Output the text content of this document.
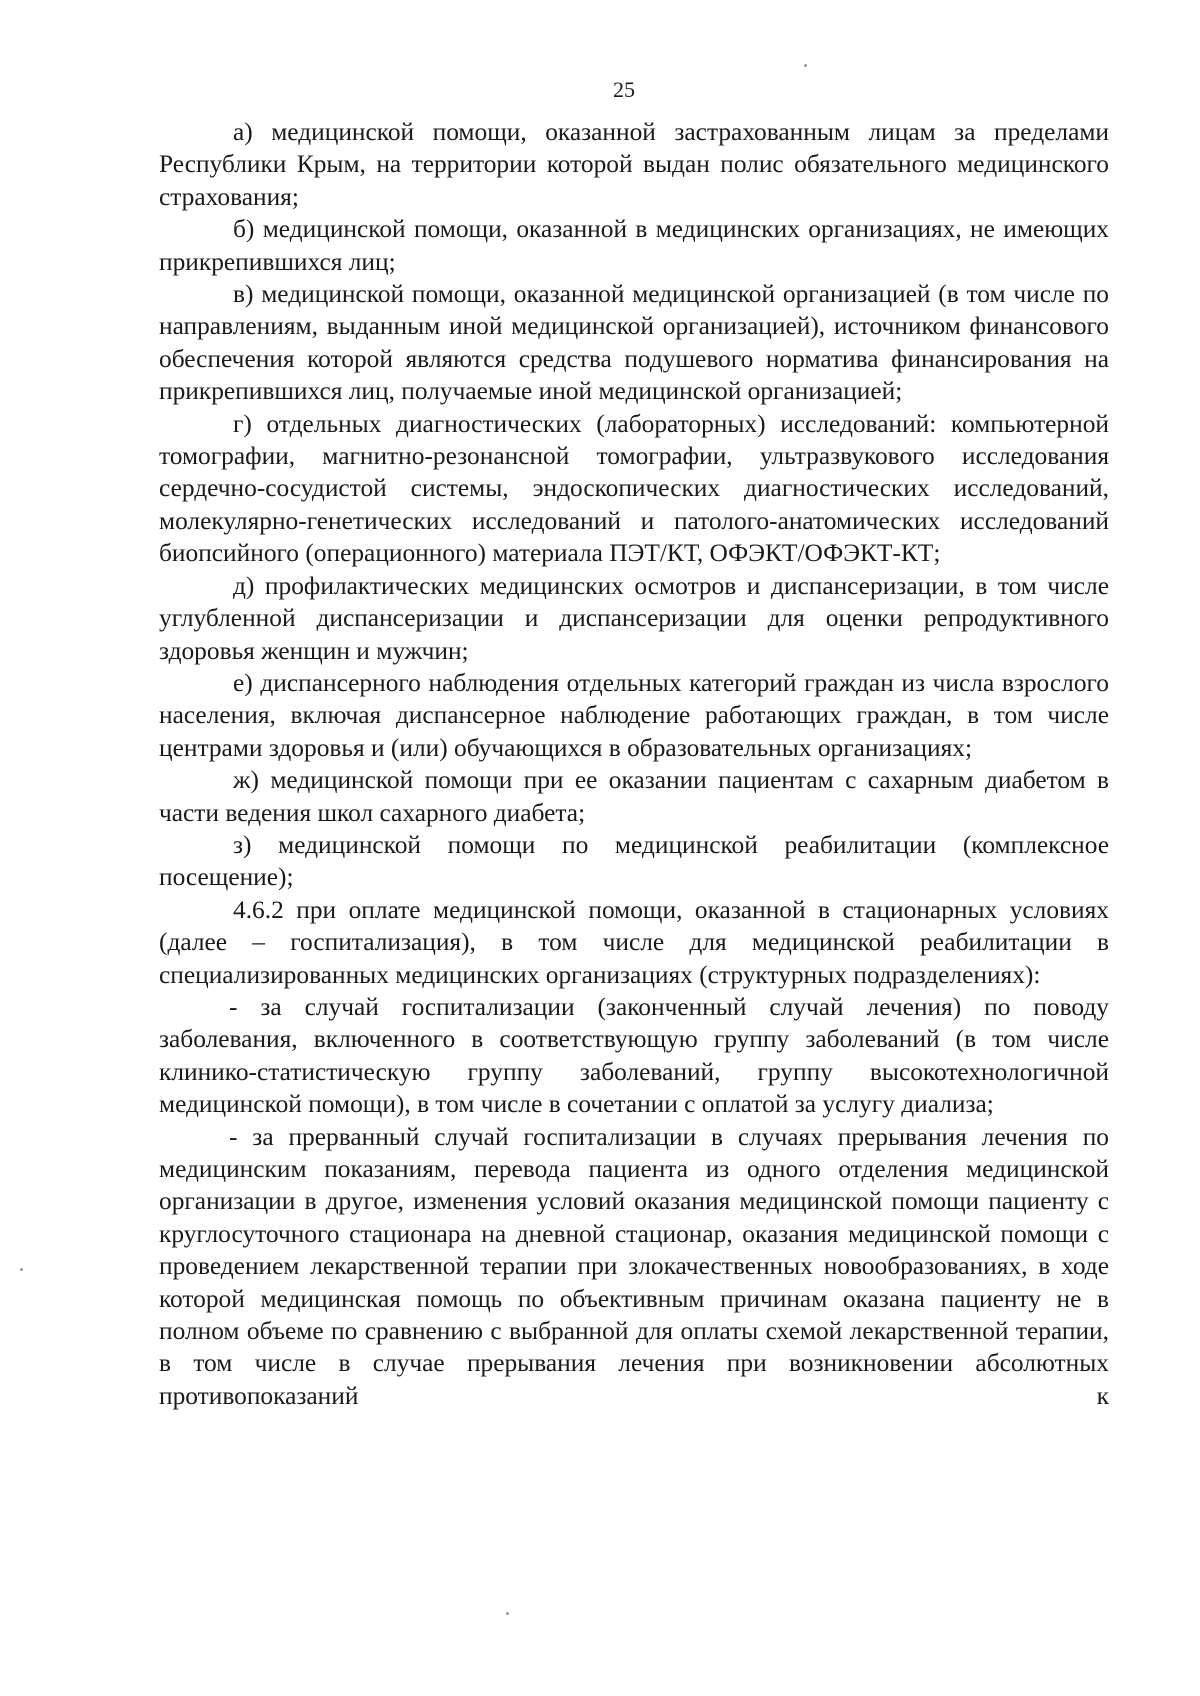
25

а) медицинской помощи, оказанной застрахованным лицам за пределами Республики Крым, на территории которой выдан полис обязательного медицинского страхования;

б) медицинской помощи, оказанной в медицинских организациях, не имеющих прикрепившихся лиц;

в) медицинской помощи, оказанной медицинской организацией (в том числе по направлениям, выданным иной медицинской организацией), источником финансового обеспечения которой являются средства подушевого норматива финансирования на прикрепившихся лиц, получаемые иной медицинской организацией;

г) отдельных диагностических (лабораторных) исследований: компьютерной томографии, магнитно-резонансной томографии, ультразвукового исследования сердечно-сосудистой системы, эндоскопических диагностических исследований, молекулярно-генетических исследований и патолого-анатомических исследований биопсийного (операционного) материала ПЭТ/КТ, ОФЭКТ/ОФЭКТ-КТ;

д) профилактических медицинских осмотров и диспансеризации, в том числе углубленной диспансеризации и диспансеризации для оценки репродуктивного здоровья женщин и мужчин;

е) диспансерного наблюдения отдельных категорий граждан из числа взрослого населения, включая диспансерное наблюдение работающих граждан, в том числе центрами здоровья и (или) обучающихся в образовательных организациях;

ж) медицинской помощи при ее оказании пациентам с сахарным диабетом в части ведения школ сахарного диабета;

з) медицинской помощи по медицинской реабилитации (комплексное посещение);

4.6.2 при оплате медицинской помощи, оказанной в стационарных условиях (далее – госпитализация), в том числе для медицинской реабилитации в специализированных медицинских организациях (структурных подразделениях):

- за случай госпитализации (законченный случай лечения) по поводу заболевания, включенного в соответствующую группу заболеваний (в том числе клинико-статистическую группу заболеваний, группу высокотехнологичной медицинской помощи), в том числе в сочетании с оплатой за услугу диализа;

- за прерванный случай госпитализации в случаях прерывания лечения по медицинским показаниям, перевода пациента из одного отделения медицинской организации в другое, изменения условий оказания медицинской помощи пациенту с круглосуточного стационара на дневной стационар, оказания медицинской помощи с проведением лекарственной терапии при злокачественных новообразованиях, в ходе которой медицинская помощь по объективным причинам оказана пациенту не в полном объеме по сравнению с выбранной для оплаты схемой лекарственной терапии, в том числе в случае прерывания лечения при возникновении абсолютных противопоказаний к
